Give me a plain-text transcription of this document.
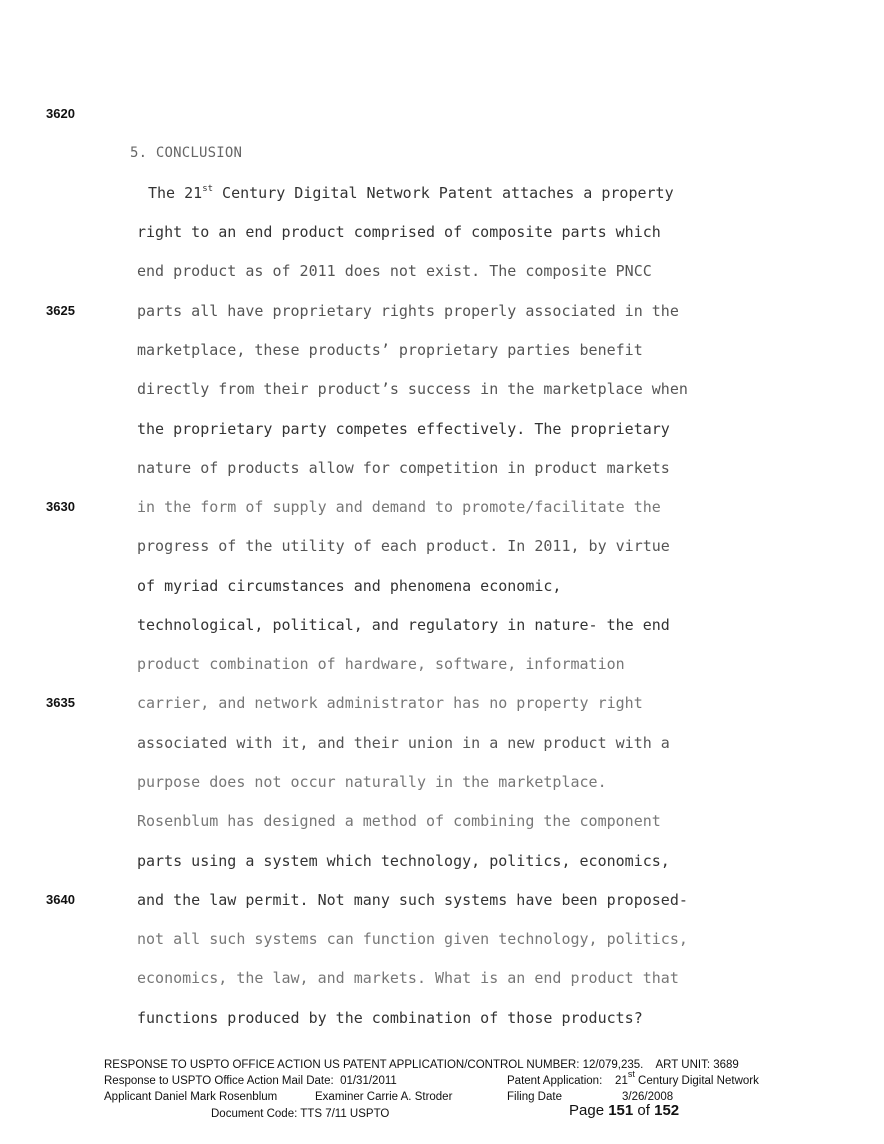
3620
3625
3630
3635
3640
5. CONCLUSION
The 21st Century Digital Network Patent attaches a property
right to an end product comprised of composite parts which
end product as of 2011 does not exist. The composite PNCC
parts all have proprietary rights properly associated in the
marketplace, these products’ proprietary parties benefit
directly from their product’s success in the marketplace when
the proprietary party competes effectively. The proprietary
nature of products allow for competition in product markets
in the form of supply and demand to promote/facilitate the
progress of the utility of each product. In 2011, by virtue
of myriad circumstances and phenomena economic,
technological, political, and regulatory in nature- the end
product combination of hardware, software, information
carrier, and network administrator has no property right
associated with it, and their union in a new product with a
purpose does not occur naturally in the marketplace.
Rosenblum has designed a method of combining the component
parts using a system which technology, politics, economics,
and the law permit. Not many such systems have been proposed-
not all such systems can function given technology, politics,
economics, the law, and markets. What is an end product that
functions produced by the combination of those products?
RESPONSE TO USPTO OFFICE ACTION US PATENT APPLICATION/CONTROL NUMBER: 12/079,235.    ART UNIT: 3689
Response to USPTO Office Action Mail Date:  01/31/2011	Patent Application:    21st Century Digital Network
Applicant Daniel Mark Rosenblum	Examiner Carrie A. Stroder	Filing Date	3/26/2008
Document Code: TTS 7/11 USPTO	Page 151 of 152
